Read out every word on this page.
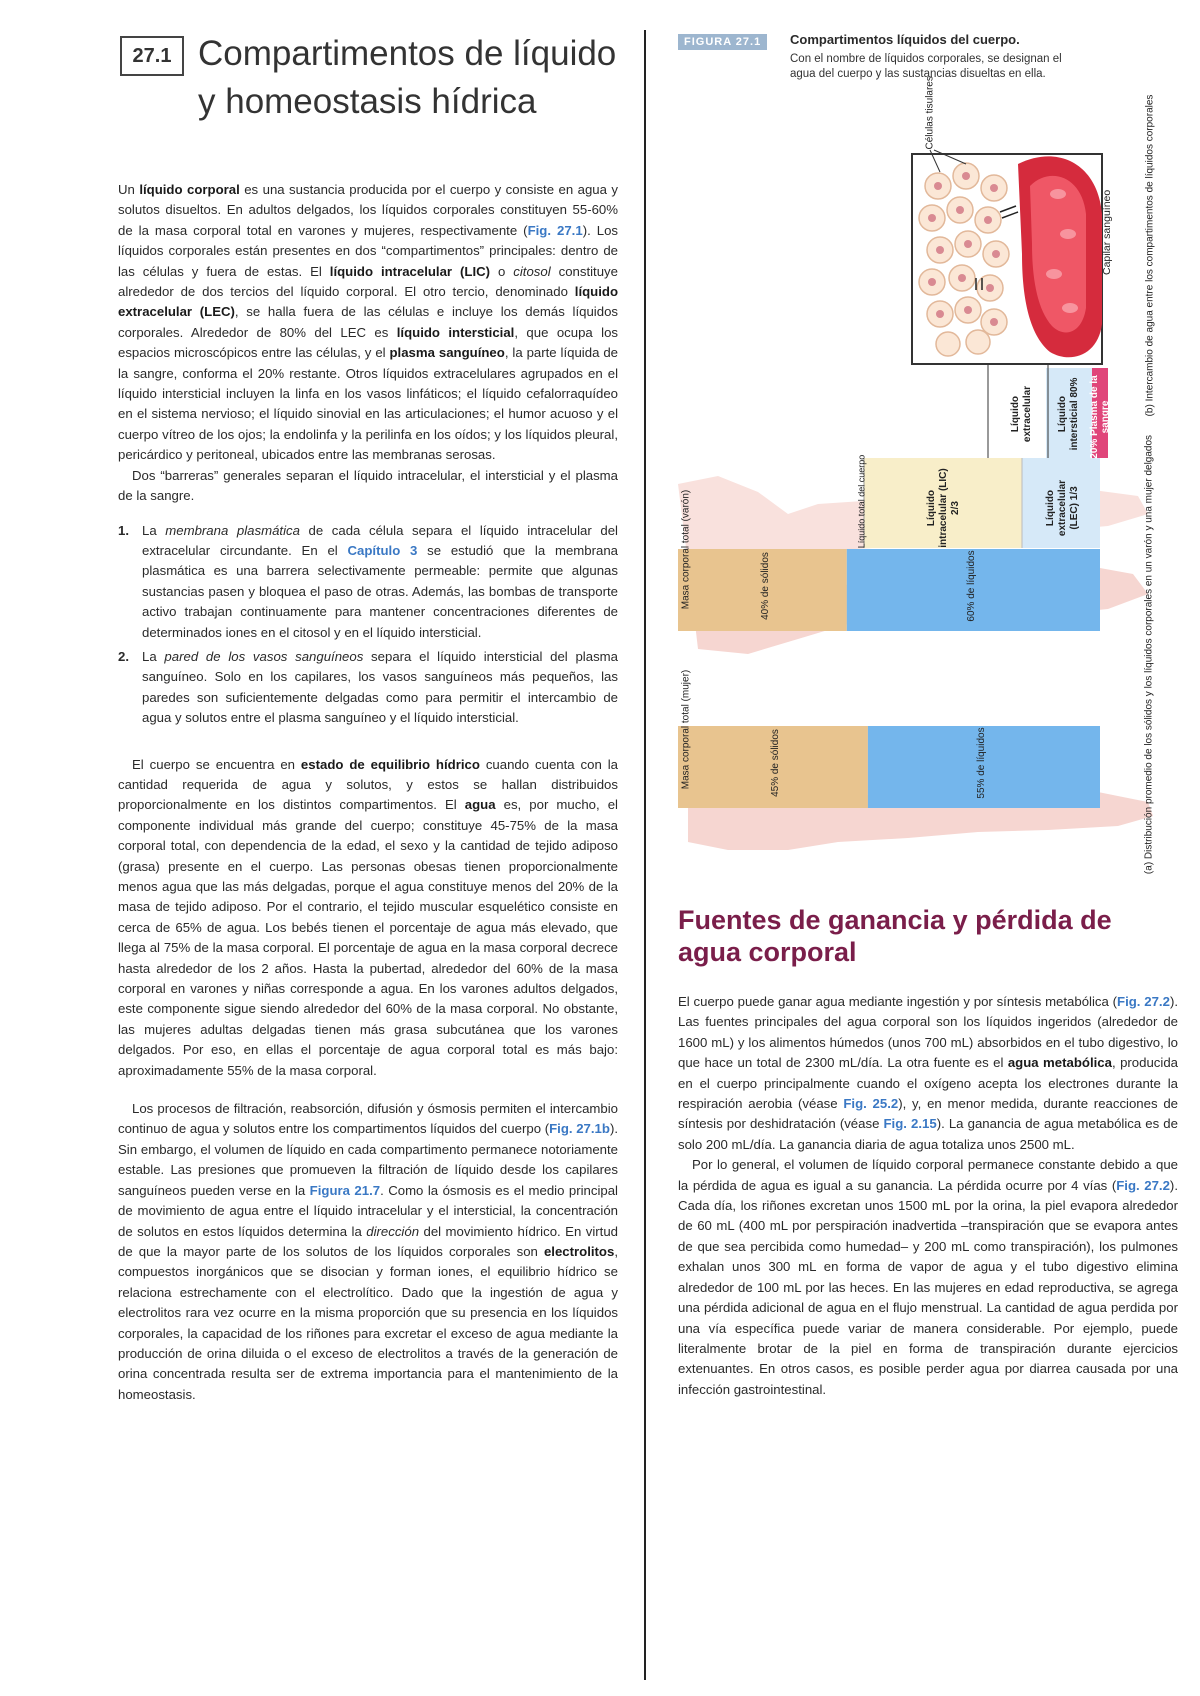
27.1 Compartimentos de líquido
y homeostasis hídrica

Un líquido corporal es una sustancia producida por el cuerpo y consiste en agua y solutos disueltos. En adultos delgados, los líquidos corporales constituyen 55-60% de la masa corporal total en varones y mujeres, respectivamente (Fig. 27.1). Los líquidos corporales están presentes en dos “compartimentos” principales: dentro de las células y fuera de estas. El líquido intracelular (LIC) o citosol constituye alrededor de dos tercios del líquido corporal. El otro tercio, denominado líquido extracelular (LEC), se halla fuera de las células e incluye los demás líquidos corporales. Alrededor de 80% del LEC es líquido intersticial, que ocupa los espacios microscópicos entre las células, y el plasma sanguíneo, la parte líquida de la sangre, conforma el 20% restante. Otros líquidos extracelulares agrupados en el líquido intersticial incluyen la linfa en los vasos linfáticos; el líquido cefalorraquídeo en el sistema nervioso; el líquido sinovial en las articulaciones; el humor acuoso y el cuerpo vítreo de los ojos; la endolinfa y la perilinfa en los oídos; y los líquidos pleural, pericárdico y peritoneal, ubicados entre las membranas serosas.

Dos “barreras” generales separan el líquido intracelular, el intersticial y el plasma de la sangre.

1. La membrana plasmática de cada célula separa el líquido intracelular del extracelular circundante. En el Capítulo 3 se estudió que la membrana plasmática es una barrera selectivamente permeable: permite que algunas sustancias pasen y bloquea el paso de otras. Además, las bombas de transporte activo trabajan continuamente para mantener concentraciones diferentes de determinados iones en el citosol y en el líquido intersticial.
2. La pared de los vasos sanguíneos separa el líquido intersticial del plasma sanguíneo. Solo en los capilares, los vasos sanguíneos más pequeños, las paredes son suficientemente delgadas como para permitir el intercambio de agua y solutos entre el plasma sanguíneo y el líquido intersticial.

El cuerpo se encuentra en estado de equilibrio hídrico cuando cuenta con la cantidad requerida de agua y solutos, y estos se hallan distribuidos proporcionalmente en los distintos compartimentos. El agua es, por mucho, el componente individual más grande del cuerpo; constituye 45-75% de la masa corporal total, con dependencia de la edad, el sexo y la cantidad de tejido adiposo (grasa) presente en el cuerpo. Las personas obesas tienen proporcionalmente menos agua que las más delgadas, porque el agua constituye menos del 20% de la masa de tejido adiposo. Por el contrario, el tejido muscular esquelético consiste en cerca de 65% de agua. Los bebés tienen el porcentaje de agua más elevado, que llega al 75% de la masa corporal. El porcentaje de agua en la masa corporal decrece hasta alrededor de los 2 años. Hasta la pubertad, alrededor del 60% de la masa corporal en varones y niñas corresponde a agua. En los varones adultos delgados, este componente sigue siendo alrededor del 60% de la masa corporal. No obstante, las mujeres adultas delgadas tienen más grasa subcutánea que los varones delgados. Por eso, en ellas el porcentaje de agua corporal total es más bajo: aproximadamente 55% de la masa corporal.

Los procesos de filtración, reabsorción, difusión y ósmosis permiten el intercambio continuo de agua y solutos entre los compartimentos líquidos del cuerpo (Fig. 27.1b). Sin embargo, el volumen de líquido en cada compartimento permanece notoriamente estable. Las presiones que promueven la filtración de líquido desde los capilares sanguíneos pueden verse en la Figura 21.7. Como la ósmosis es el medio principal de movimiento de agua entre el líquido intracelular y el intersticial, la concentración de solutos en estos líquidos determina la dirección del movimiento hídrico. En virtud de que la mayor parte de los solutos de los líquidos corporales son electrolitos, compuestos inorgánicos que se disocian y forman iones, el equilibrio hídrico se relaciona estrechamente con el electrolítico. Dado que la ingestión de agua y electrolitos rara vez ocurre en la misma proporción que su presencia en los líquidos corporales, la capacidad de los riñones para excretar el exceso de agua mediante la producción de orina diluida o el exceso de electrolitos a través de la generación de orina concentrada resulta ser de extrema importancia para el mantenimiento de la homeostasis.

FIGURA 27.1	Compartimentos líquidos del cuerpo.
Con el nombre de líquidos corporales, se designan el agua del cuerpo y las sustancias disueltas en ella.
Células tisulares
Capilar sanguíneo	(b) Intercambio de agua entre los compartimentos de líquidos corporales
(a) Distribución promedio de los sólidos y los líquidos corporales en un varón y una mujer delgados
Líquido total del cuerpo	Líquido intracelular (LIC) 2/3	Líquido extracelular (LEC) 1/3
Líquido extracelular Líquido intersticial 80% 20% Plasma de la sangre
Masa corporal total (varón)
Masa corporal total (mujer)
40% de sólidos	60% de líquidos
45% de sólidos	55% de líquidos
Fuentes de ganancia y pérdida de agua corporal

El cuerpo puede ganar agua mediante ingestión y por síntesis metabólica (Fig. 27.2). Las fuentes principales del agua corporal son los líquidos ingeridos (alrededor de 1600 mL) y los alimentos húmedos (unos 700 mL) absorbidos en el tubo digestivo, lo que hace un total de 2300 mL/día. La otra fuente es el agua metabólica, producida en el cuerpo principalmente cuando el oxígeno acepta los electrones durante la respiración aerobia (véase Fig. 25.2), y, en menor medida, durante reacciones de síntesis por deshidratación (véase Fig. 2.15). La ganancia de agua metabólica es de solo 200 mL/día. La ganancia diaria de agua totaliza unos 2500 mL.

Por lo general, el volumen de líquido corporal permanece constante debido a que la pérdida de agua es igual a su ganancia. La pérdida ocurre por 4 vías (Fig. 27.2). Cada día, los riñones excretan unos 1500 mL por la orina, la piel evapora alrededor de 60 mL (400 mL por perspiración inadvertida –transpiración que se evapora antes de que sea percibida como humedad– y 200 mL como transpiración), los pulmones exhalan unos 300 mL en forma de vapor de agua y el tubo digestivo elimina alrededor de 100 mL por las heces. En las mujeres en edad reproductiva, se agrega una pérdida adicional de agua en el flujo menstrual. La cantidad de agua perdida por una vía específica puede variar de manera considerable. Por ejemplo, puede literalmente brotar de la piel en forma de transpiración durante ejercicios extenuantes. En otros casos, es posible perder agua por diarrea causada por una infección gastrointestinal.
